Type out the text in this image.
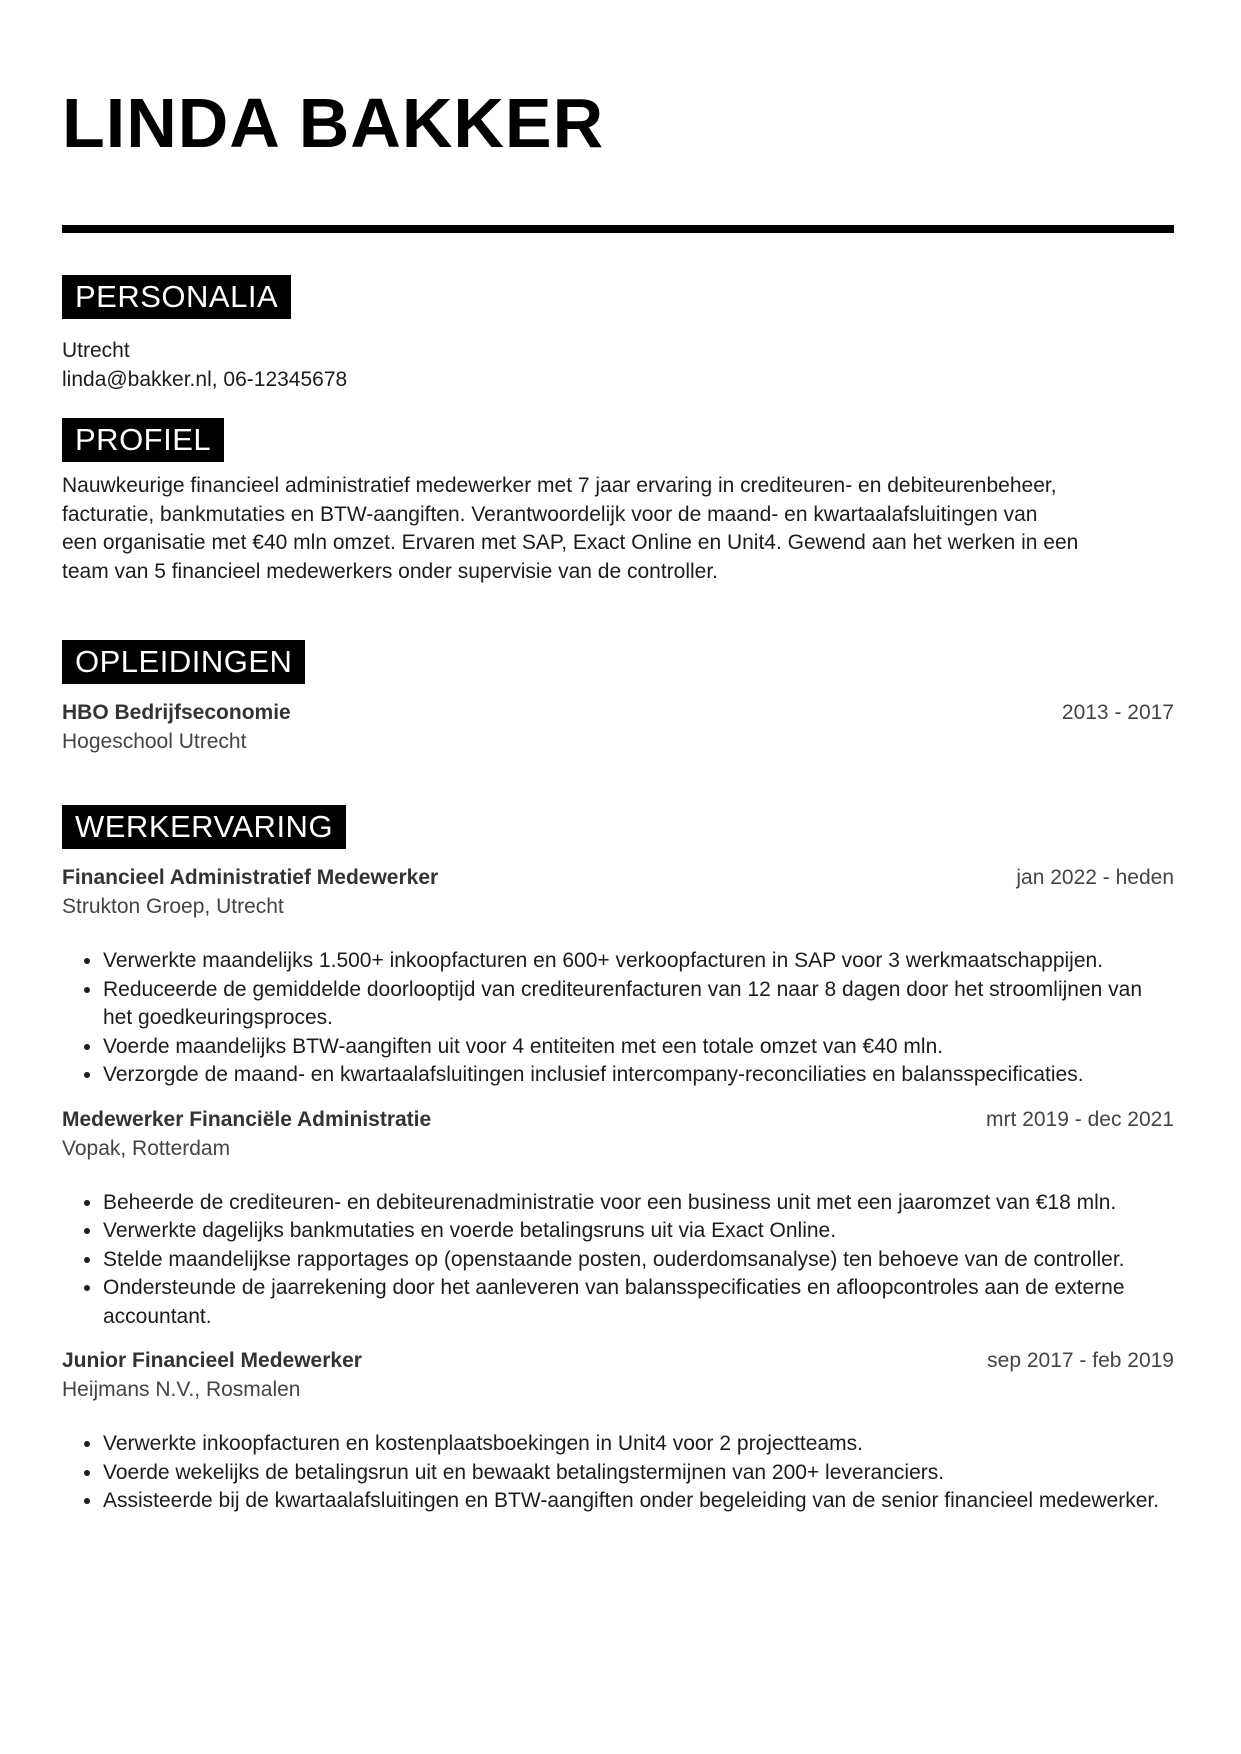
LINDA BAKKER
PERSONALIA
Utrecht
linda@bakker.nl, 06-12345678
PROFIEL
Nauwkeurige financieel administratief medewerker met 7 jaar ervaring in crediteuren- en debiteurenbeheer,
facturatie, bankmutaties en BTW-aangiften. Verantwoordelijk voor de maand- en kwartaalafsluitingen van
een organisatie met €40 mln omzet. Ervaren met SAP, Exact Online en Unit4. Gewend aan het werken in een
team van 5 financieel medewerkers onder supervisie van de controller.
OPLEIDINGEN
HBO Bedrijfseconomie	2013 - 2017
Hogeschool Utrecht
WERKERVARING
Financieel Administratief Medewerker	jan 2022 - heden
Strukton Groep, Utrecht
• Verwerkte maandelijks 1.500+ inkoopfacturen en 600+ verkoopfacturen in SAP voor 3 werkmaatschappijen.
• Reduceerde de gemiddelde doorlooptijd van crediteurenfacturen van 12 naar 8 dagen door het stroomlijnen van het goedkeuringsproces.
• Voerde maandelijks BTW-aangiften uit voor 4 entiteiten met een totale omzet van €40 mln.
• Verzorgde de maand- en kwartaalafsluitingen inclusief intercompany-reconciliaties en balansspecificaties.
Medewerker Financiële Administratie	mrt 2019 - dec 2021
Vopak, Rotterdam
• Beheerde de crediteuren- en debiteurenadministratie voor een business unit met een jaaromzet van €18 mln.
• Verwerkte dagelijks bankmutaties en voerde betalingsruns uit via Exact Online.
• Stelde maandelijkse rapportages op (openstaande posten, ouderdomsanalyse) ten behoeve van de controller.
• Ondersteunde de jaarrekening door het aanleveren van balansspecificaties en afloopcontroles aan de externe accountant.
Junior Financieel Medewerker	sep 2017 - feb 2019
Heijmans N.V., Rosmalen
• Verwerkte inkoopfacturen en kostenplaatsboekingen in Unit4 voor 2 projectteams.
• Voerde wekelijks de betalingsrun uit en bewaakt betalingstermijnen van 200+ leveranciers.
• Assisteerde bij de kwartaalafsluitingen en BTW-aangiften onder begeleiding van de senior financieel medewerker.
